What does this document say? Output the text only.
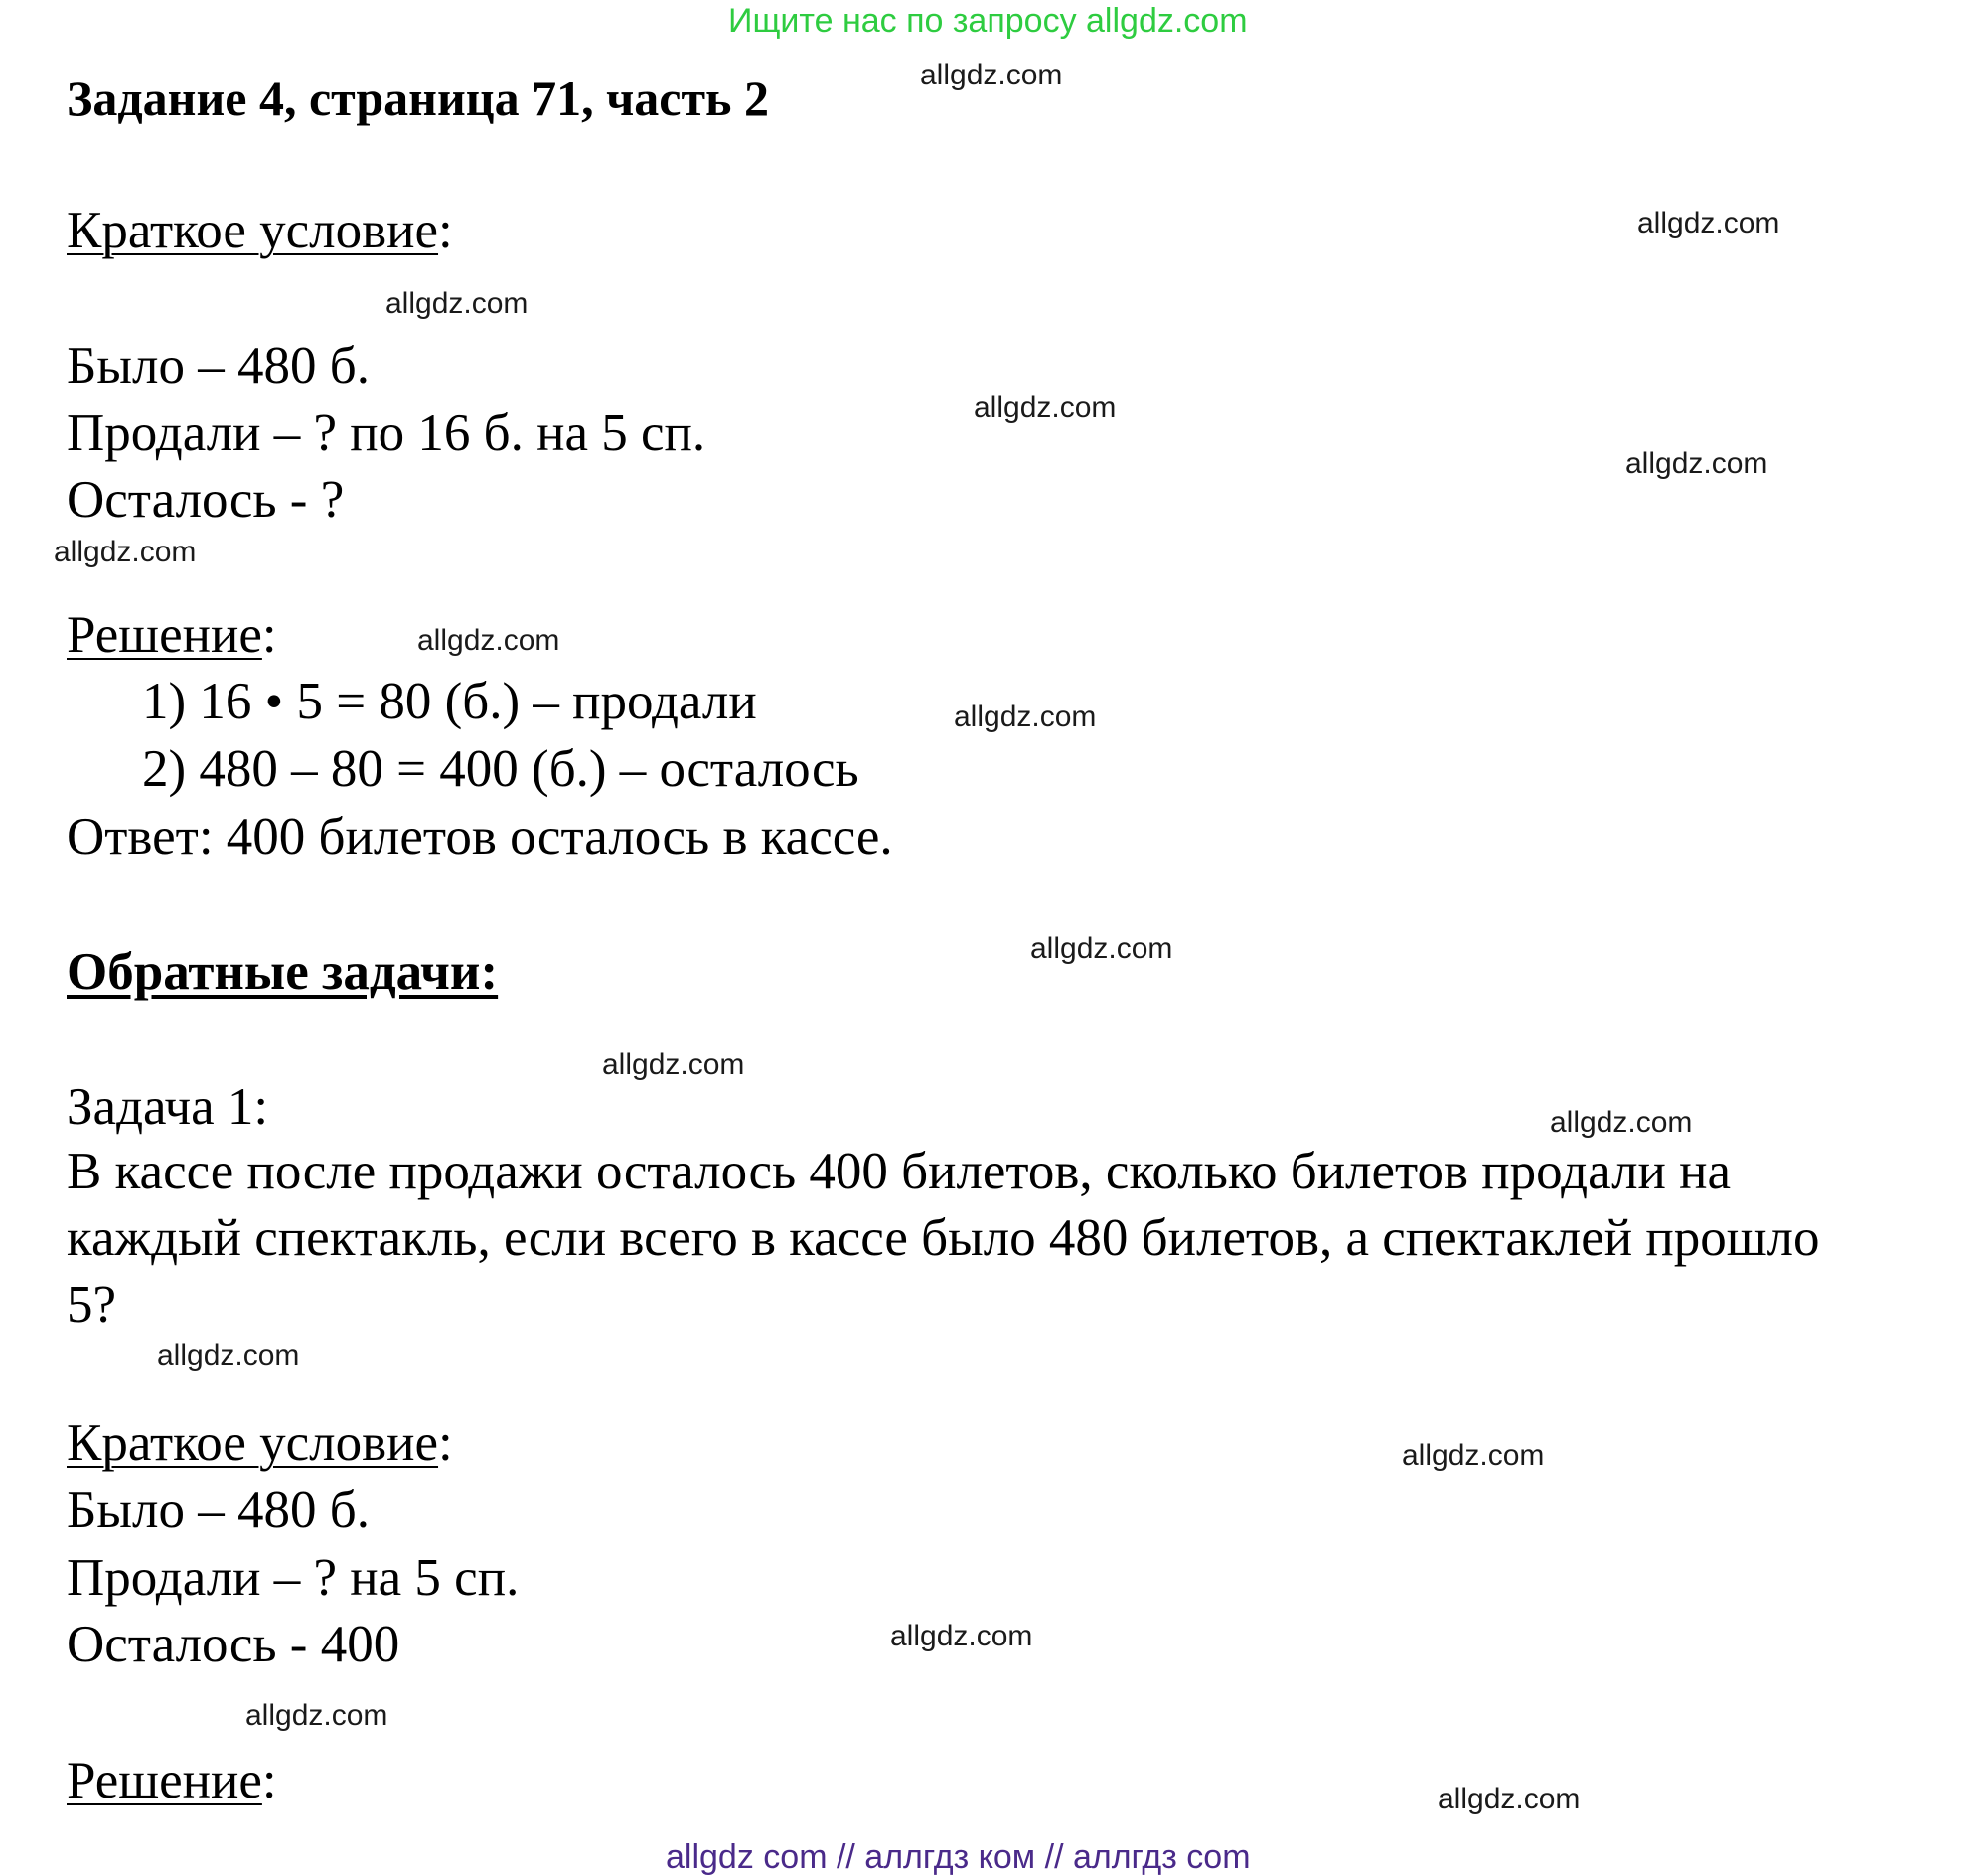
Ищите нас по запросу allgdz.com
Задание 4, страница 71, часть 2
Краткое условие:
Было – 480 б.
Продали – ? по 16 б. на 5 сп.
Осталось - ?
Решение:
1) 16 • 5 = 80 (б.) – продали
2) 480 – 80 = 400 (б.) – осталось
Ответ: 400 билетов осталось в кассе.
Обратные задачи:
Задача 1:
В кассе после продажи осталось 400 билетов, сколько билетов продали на каждый спектакль, если всего в кассе было 480 билетов, а спектаклей прошло 5?
Краткое условие:
Было – 480 б.
Продали – ? на 5 сп.
Осталось - 400
Решение:
allgdz.com
allgdz.com
allgdz.com
allgdz.com
allgdz.com
allgdz.com
allgdz.com
allgdz.com
allgdz.com
allgdz.com
allgdz.com
allgdz.com
allgdz.com
allgdz.com
allgdz.com
allgdz.com
allgdz com // аллгдз ком // аллгдз com
